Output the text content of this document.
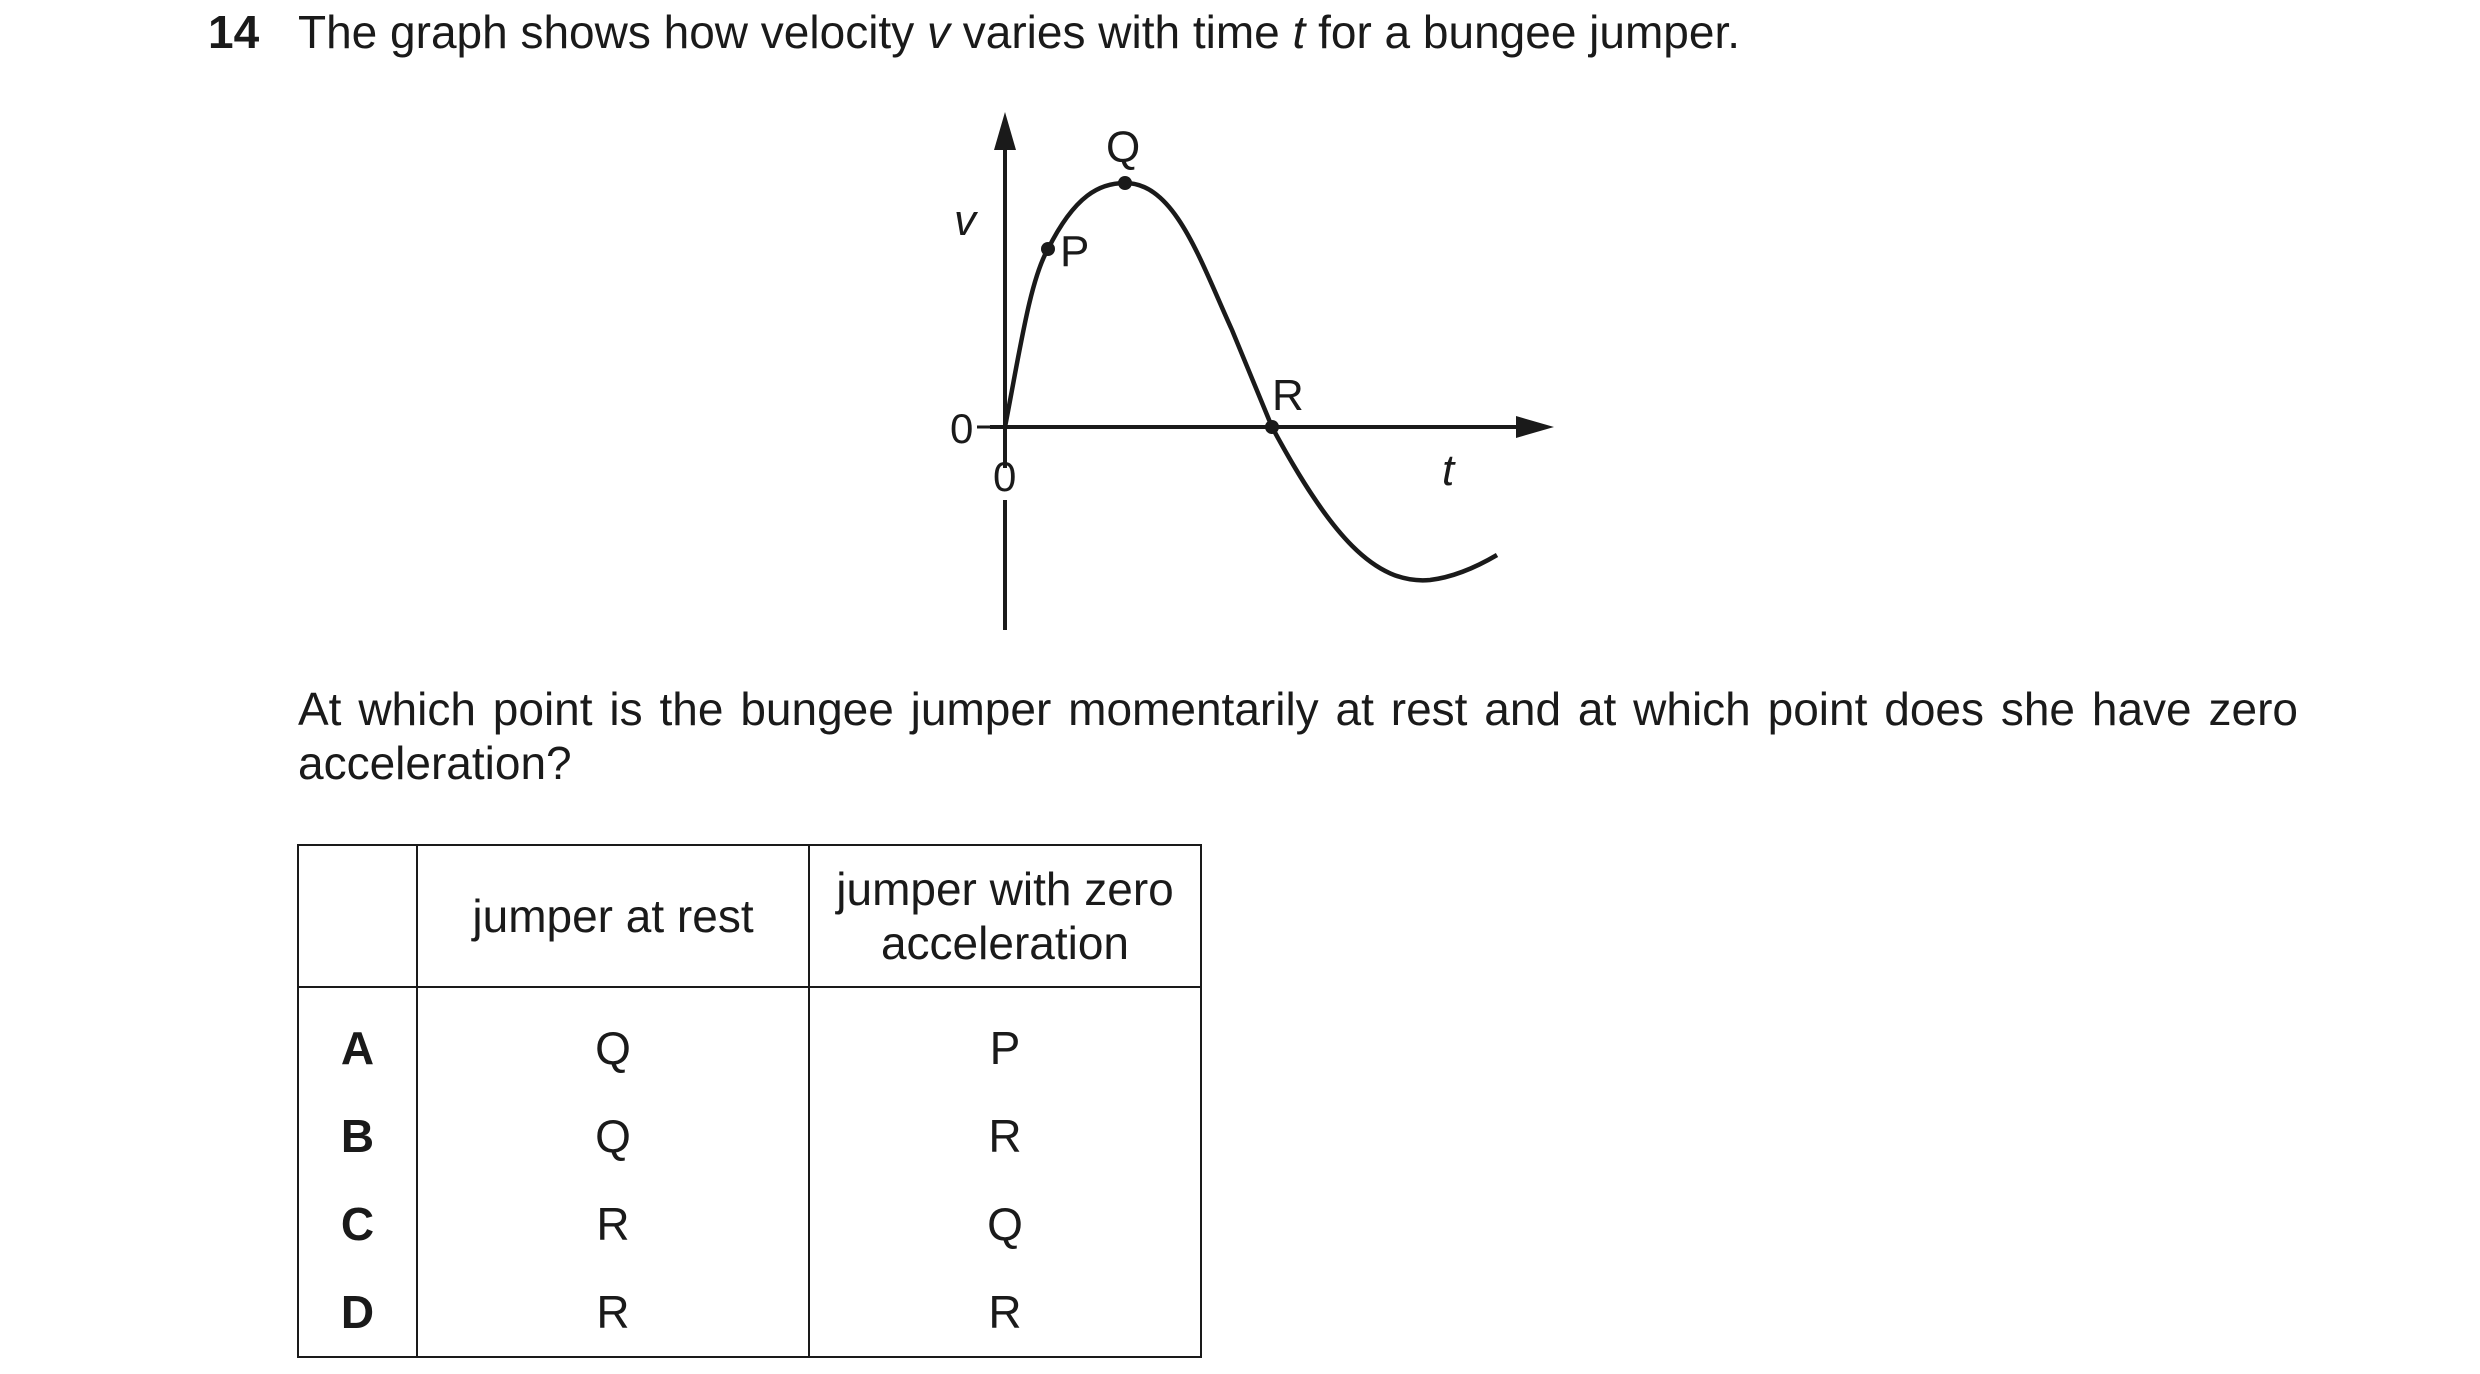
14 The graph shows how velocity v varies with time t for a bungee jumper.
P
Q
R
v
t
0
0
At which point is the bungee jumper momentarily at rest and at which point does she have zero acceleration?
	jumper at rest	jumper with zero acceleration
A	Q	P
B	Q	R
C	R	Q
D	R	R
